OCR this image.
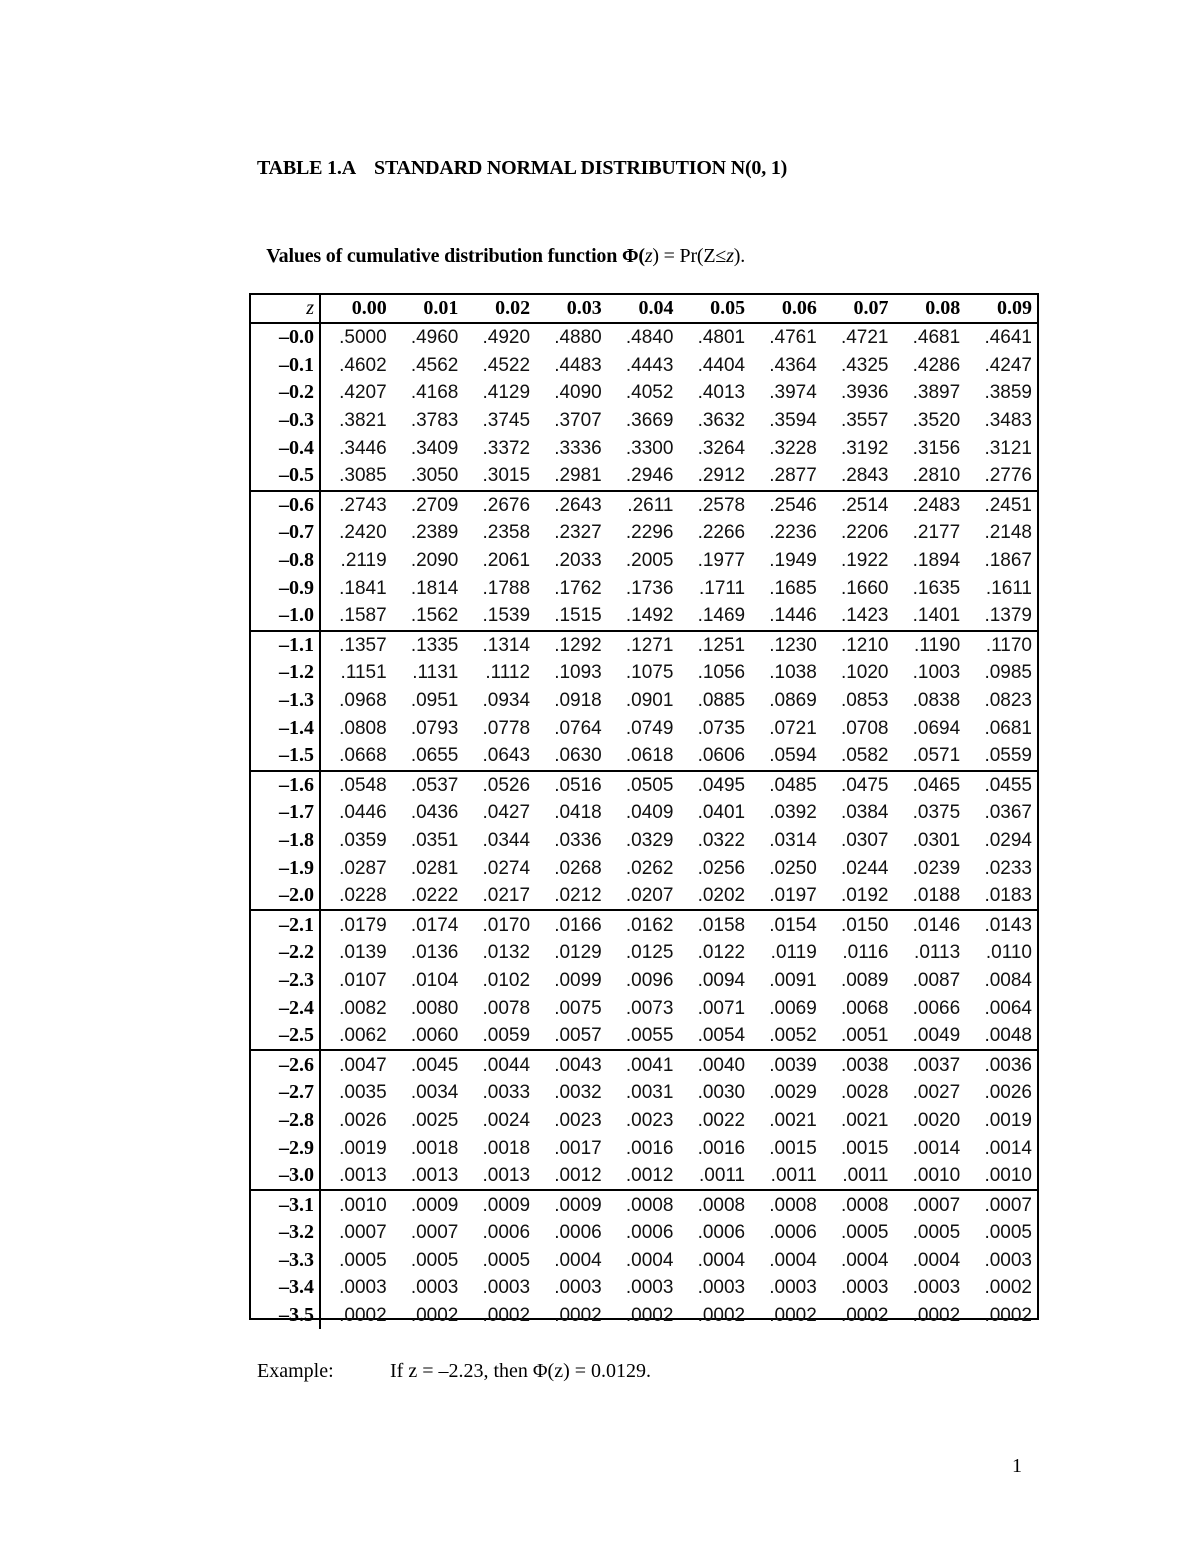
TABLE 1.A    STANDARD NORMAL DISTRIBUTION N(0, 1)

Values of cumulative distribution function Φ(z) = Pr(Z≤z).

z	0.00	0.01	0.02	0.03	0.04	0.05	0.06	0.07	0.08	0.09
–0.0	.5000	.4960	.4920	.4880	.4840	.4801	.4761	.4721	.4681	.4641
–0.1	.4602	.4562	.4522	.4483	.4443	.4404	.4364	.4325	.4286	.4247
–0.2	.4207	.4168	.4129	.4090	.4052	.4013	.3974	.3936	.3897	.3859
–0.3	.3821	.3783	.3745	.3707	.3669	.3632	.3594	.3557	.3520	.3483
–0.4	.3446	.3409	.3372	.3336	.3300	.3264	.3228	.3192	.3156	.3121
–0.5	.3085	.3050	.3015	.2981	.2946	.2912	.2877	.2843	.2810	.2776
–0.6	.2743	.2709	.2676	.2643	.2611	.2578	.2546	.2514	.2483	.2451
–0.7	.2420	.2389	.2358	.2327	.2296	.2266	.2236	.2206	.2177	.2148
–0.8	.2119	.2090	.2061	.2033	.2005	.1977	.1949	.1922	.1894	.1867
–0.9	.1841	.1814	.1788	.1762	.1736	.1711	.1685	.1660	.1635	.1611
–1.0	.1587	.1562	.1539	.1515	.1492	.1469	.1446	.1423	.1401	.1379
–1.1	.1357	.1335	.1314	.1292	.1271	.1251	.1230	.1210	.1190	.1170
–1.2	.1151	.1131	.1112	.1093	.1075	.1056	.1038	.1020	.1003	.0985
–1.3	.0968	.0951	.0934	.0918	.0901	.0885	.0869	.0853	.0838	.0823
–1.4	.0808	.0793	.0778	.0764	.0749	.0735	.0721	.0708	.0694	.0681
–1.5	.0668	.0655	.0643	.0630	.0618	.0606	.0594	.0582	.0571	.0559
–1.6	.0548	.0537	.0526	.0516	.0505	.0495	.0485	.0475	.0465	.0455
–1.7	.0446	.0436	.0427	.0418	.0409	.0401	.0392	.0384	.0375	.0367
–1.8	.0359	.0351	.0344	.0336	.0329	.0322	.0314	.0307	.0301	.0294
–1.9	.0287	.0281	.0274	.0268	.0262	.0256	.0250	.0244	.0239	.0233
–2.0	.0228	.0222	.0217	.0212	.0207	.0202	.0197	.0192	.0188	.0183
–2.1	.0179	.0174	.0170	.0166	.0162	.0158	.0154	.0150	.0146	.0143
–2.2	.0139	.0136	.0132	.0129	.0125	.0122	.0119	.0116	.0113	.0110
–2.3	.0107	.0104	.0102	.0099	.0096	.0094	.0091	.0089	.0087	.0084
–2.4	.0082	.0080	.0078	.0075	.0073	.0071	.0069	.0068	.0066	.0064
–2.5	.0062	.0060	.0059	.0057	.0055	.0054	.0052	.0051	.0049	.0048
–2.6	.0047	.0045	.0044	.0043	.0041	.0040	.0039	.0038	.0037	.0036
–2.7	.0035	.0034	.0033	.0032	.0031	.0030	.0029	.0028	.0027	.0026
–2.8	.0026	.0025	.0024	.0023	.0023	.0022	.0021	.0021	.0020	.0019
–2.9	.0019	.0018	.0018	.0017	.0016	.0016	.0015	.0015	.0014	.0014
–3.0	.0013	.0013	.0013	.0012	.0012	.0011	.0011	.0011	.0010	.0010
–3.1	.0010	.0009	.0009	.0009	.0008	.0008	.0008	.0008	.0007	.0007
–3.2	.0007	.0007	.0006	.0006	.0006	.0006	.0006	.0005	.0005	.0005
–3.3	.0005	.0005	.0005	.0004	.0004	.0004	.0004	.0004	.0004	.0003
–3.4	.0003	.0003	.0003	.0003	.0003	.0003	.0003	.0003	.0003	.0002
–3.5	.0002	.0002	.0002	.0002	.0002	.0002	.0002	.0002	.0002	.0002
Example:	If z = –2.23, then Φ(z) = 0.0129.
1
